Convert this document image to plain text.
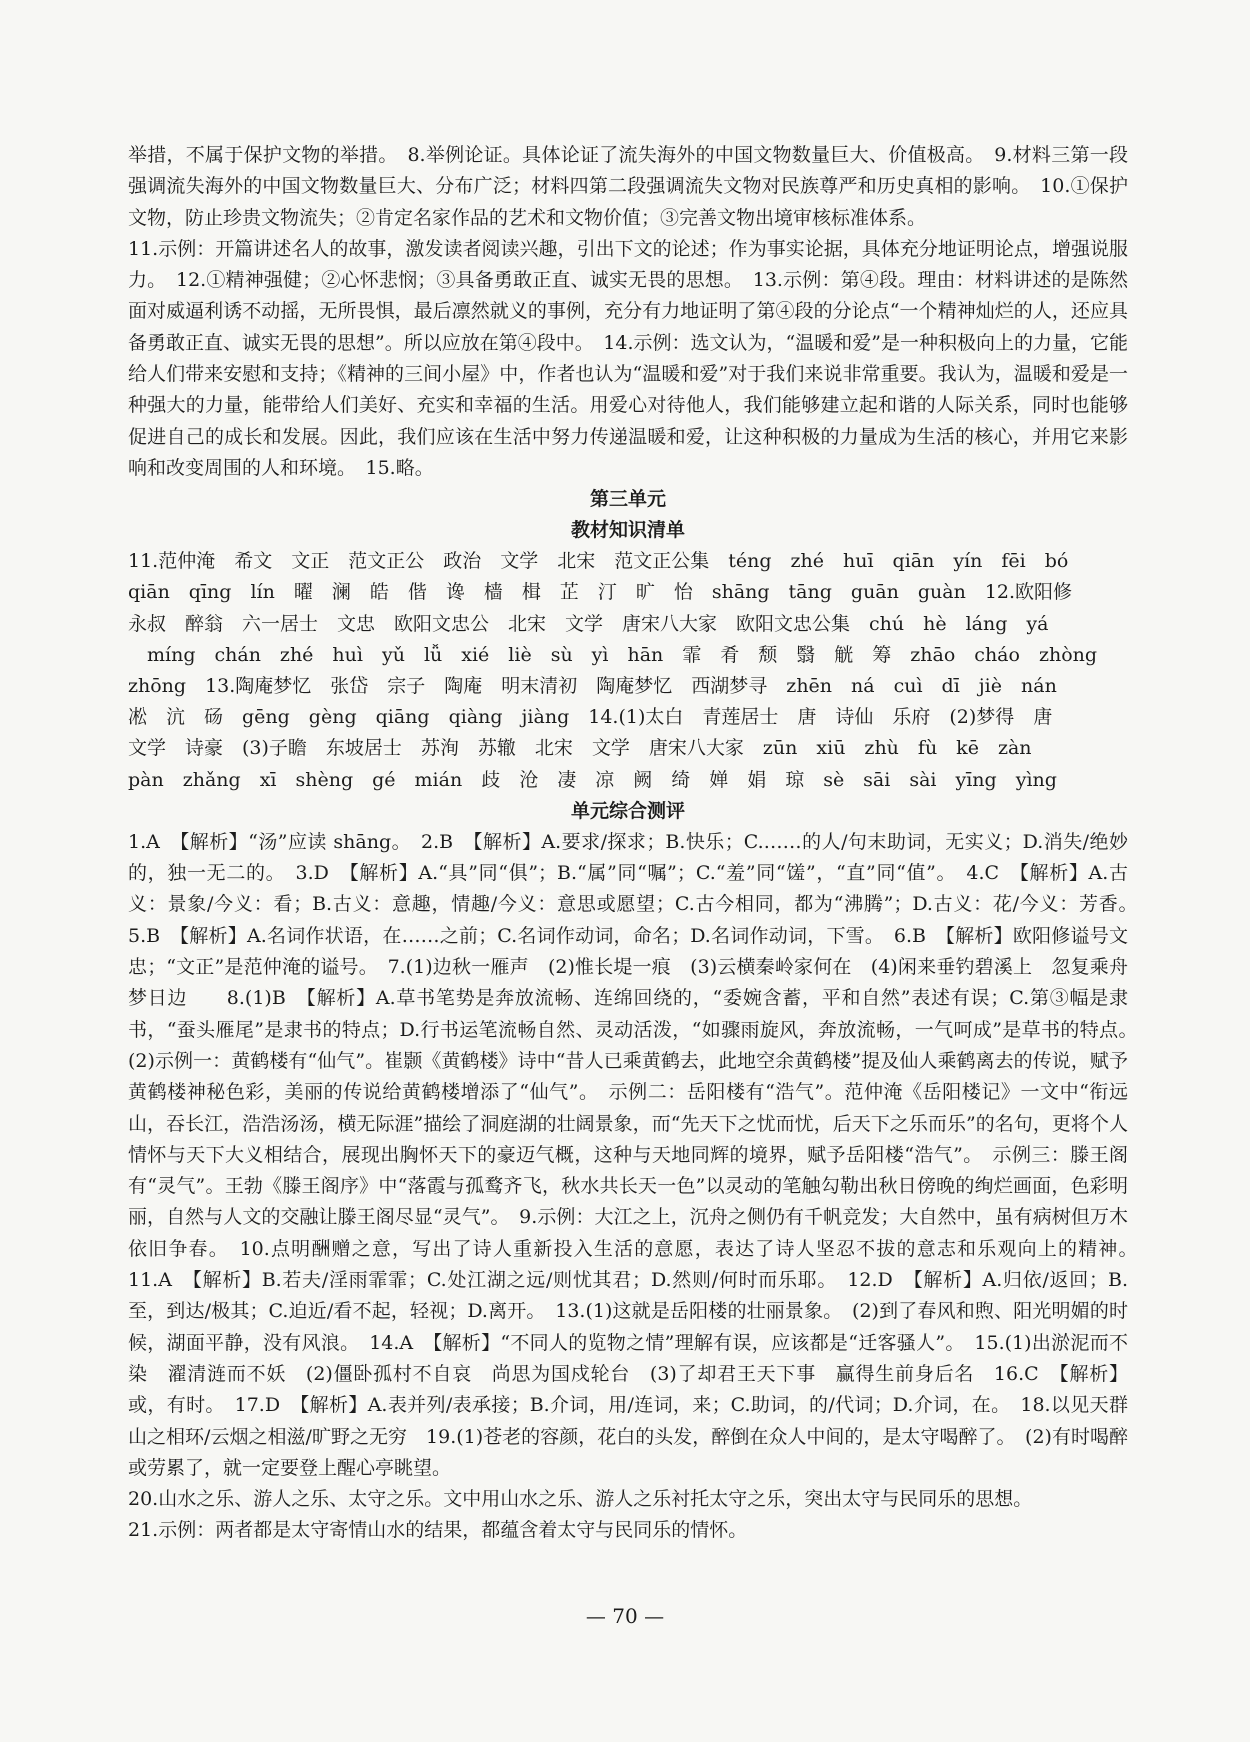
举措，不属于保护文物的举措。　8.举例论证。具体论证了流失海外的中国文物数量巨大、价值极高。　9.材料三第一段强调流失海外的中国文物数量巨大、分布广泛；材料四第二段强调流失文物对民族尊严和历史真相的影响。　10.①保护文物，防止珍贵文物流失；②肯定名家作品的艺术和文物价值；③完善文物出境审核标准体系。

11.示例：开篇讲述名人的故事，激发读者阅读兴趣，引出下文的论述；作为事实论据，具体充分地证明论点，增强说服力。　12.①精神强健；②心怀悲悯；③具备勇敢正直、诚实无畏的思想。　13.示例：第④段。理由：材料讲述的是陈然面对威逼利诱不动摇，无所畏惧，最后凛然就义的事例，充分有力地证明了第④段的分论点“一个精神灿烂的人，还应具备勇敢正直、诚实无畏的思想”。所以应放在第④段中。　14.示例：选文认为，“温暖和爱”是一种积极向上的力量，它能给人们带来安慰和支持；《精神的三间小屋》中，作者也认为“温暖和爱”对于我们来说非常重要。我认为，温暖和爱是一种强大的力量，能带给人们美好、充实和幸福的生活。用爱心对待他人，我们能够建立起和谐的人际关系，同时也能够促进自己的成长和发展。因此，我们应该在生活中努力传递温暖和爱，让这种积极的力量成为生活的核心，并用它来影响和改变周围的人和环境。　15.略。

第三单元

教材知识清单

11.范仲淹　希文　文正　范文正公　政治　文学　北宋　范文正公集　téng　zhé　huī　qiān　yín　fēi　bó
qiān　qīng　lín　曜　澜　皓　偕　谗　樯　楫　芷　汀　旷　怡　shāng　tāng　guān　guàn　12.欧阳修
永叔　醉翁　六一居士　文忠　欧阳文忠公　北宋　文学　唐宋八大家　欧阳文忠公集　chú　hè　láng　yá
　míng　chán　zhé　huì　yǔ　lǚ　xié　liè　sù　yì　hān　霏　肴　颓　翳　觥　筹　zhāo　cháo　zhòng
zhōng　13.陶庵梦忆　张岱　宗子　陶庵　明末清初　陶庵梦忆　西湖梦寻　zhēn　ná　cuì　dī　jiè　nán
凇　沆　砀　gēng　gèng　qiāng　qiàng　jiàng　14.(1)太白　青莲居士　唐　诗仙　乐府　(2)梦得　唐
文学　诗豪　(3)子瞻　东坡居士　苏洵　苏辙　北宋　文学　唐宋八大家　zūn　xiū　zhù　fù　kē　zàn
pàn　zhǎng　xī　shèng　gé　mián　歧　沧　凄　凉　阙　绮　婵　娟　琼　sè　sāi　sài　yīng　yìng

单元综合测评

1.A　【解析】“汤”应读 shāng。　2.B　【解析】A.要求/探求；B.快乐；C.……的人/句末助词，无实义；D.消失/绝妙的，独一无二的。　3.D　【解析】A.“具”同“俱”；B.“属”同“嘱”；C.“羞”同“馐”，“直”同“值”。　4.C　【解析】A.古义：景象/今义：看；B.古义：意趣，情趣/今义：意思或愿望；C.古今相同，都为“沸腾”；D.古义：花/今义：芳香。　5.B　【解析】A.名词作状语，在……之前；C.名词作动词，命名；D.名词作动词，下雪。　6.B　【解析】欧阳修谥号文忠；“文正”是范仲淹的谥号。　7.(1)边秋一雁声　(2)惟长堤一痕　(3)云横秦岭家何在　(4)闲来垂钓碧溪上　忽复乘舟梦日边　　8.(1)B　【解析】A.草书笔势是奔放流畅、连绵回绕的，“委婉含蓄，平和自然”表述有误；C.第③幅是隶书，“蚕头雁尾”是隶书的特点；D.行书运笔流畅自然、灵动活泼，“如骤雨旋风，奔放流畅，一气呵成”是草书的特点。　(2)示例一：黄鹤楼有“仙气”。崔颢《黄鹤楼》诗中“昔人已乘黄鹤去，此地空余黄鹤楼”提及仙人乘鹤离去的传说，赋予黄鹤楼神秘色彩，美丽的传说给黄鹤楼增添了“仙气”。　示例二：岳阳楼有“浩气”。范仲淹《岳阳楼记》一文中“衔远山，吞长江，浩浩汤汤，横无际涯”描绘了洞庭湖的壮阔景象，而“先天下之忧而忧，后天下之乐而乐”的名句，更将个人情怀与天下大义相结合，展现出胸怀天下的豪迈气概，这种与天地同辉的境界，赋予岳阳楼“浩气”。　示例三：滕王阁有“灵气”。王勃《滕王阁序》中“落霞与孤鹜齐飞，秋水共长天一色”以灵动的笔触勾勒出秋日傍晚的绚烂画面，色彩明丽，自然与人文的交融让滕王阁尽显“灵气”。　9.示例：大江之上，沉舟之侧仍有千帆竞发；大自然中，虽有病树但万木依旧争春。　10.点明酬赠之意，写出了诗人重新投入生活的意愿，表达了诗人坚忍不拔的意志和乐观向上的精神。　11.A　【解析】B.若夫/淫雨霏霏；C.处江湖之远/则忧其君；D.然则/何时而乐耶。　12.D　【解析】A.归依/返回；B.至，到达/极其；C.迫近/看不起，轻视；D.离开。　13.(1)这就是岳阳楼的壮丽景象。　(2)到了春风和煦、阳光明媚的时候，湖面平静，没有风浪。　14.A　【解析】“不同人的览物之情”理解有误，应该都是“迁客骚人”。　15.(1)出淤泥而不染　濯清涟而不妖　(2)僵卧孤村不自哀　尚思为国戍轮台　(3)了却君王天下事　赢得生前身后名　16.C　【解析】或，有时。　17.D　【解析】A.表并列/表承接；B.介词，用/连词，来；C.助词，的/代词；D.介词，在。　18.以见天群山之相环/云烟之相滋/旷野之无穷　19.(1)苍老的容颜，花白的头发，醉倒在众人中间的，是太守喝醉了。　(2)有时喝醉或劳累了，就一定要登上醒心亭眺望。

20.山水之乐、游人之乐、太守之乐。文中用山水之乐、游人之乐衬托太守之乐，突出太守与民同乐的思想。

21.示例：两者都是太守寄情山水的结果，都蕴含着太守与民同乐的情怀。

— 70 —
